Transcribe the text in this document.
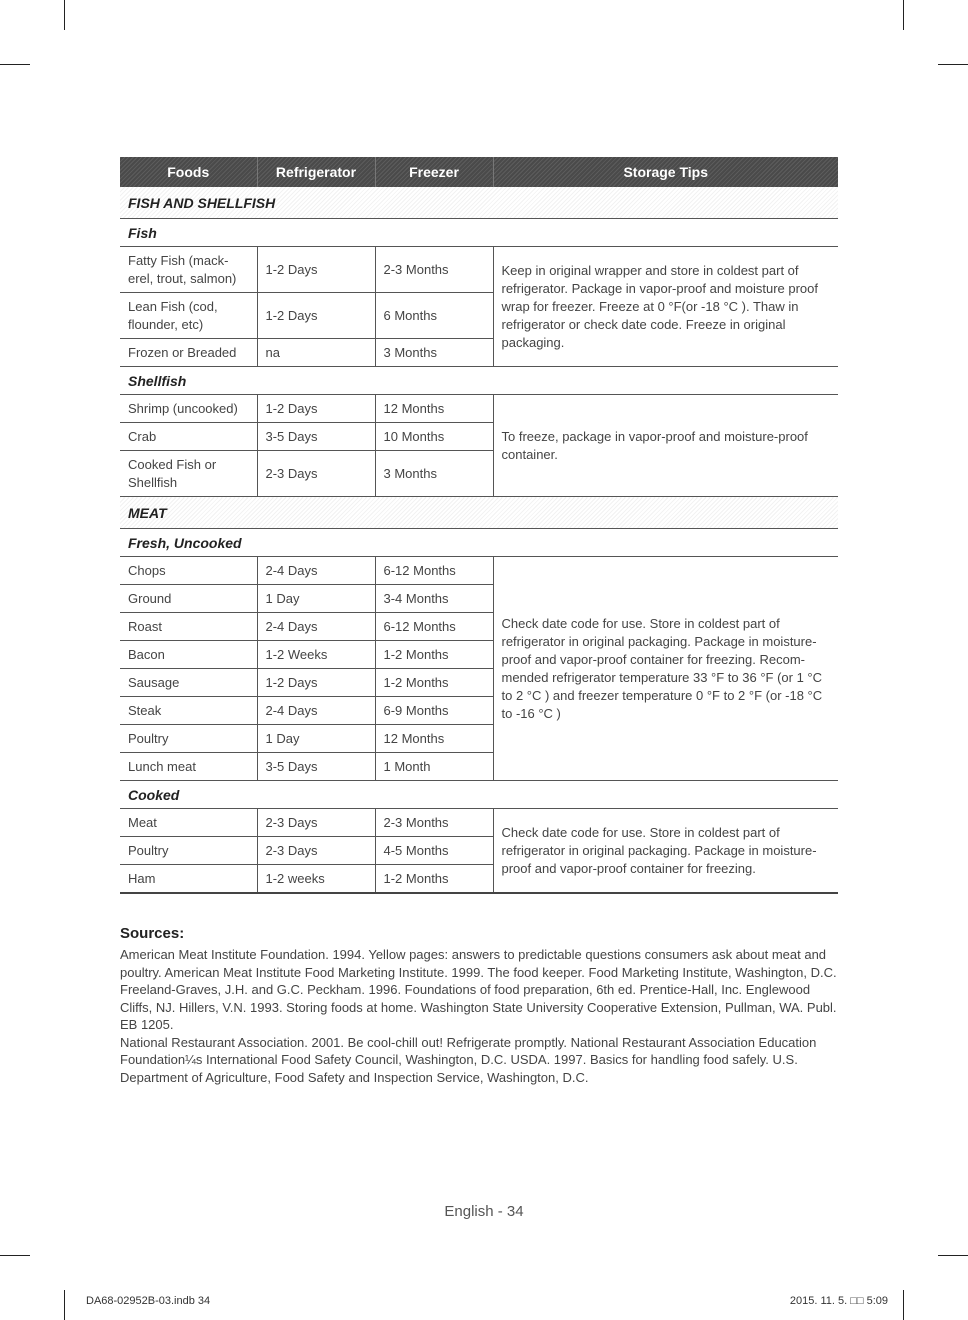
Foods	Refrigerator	Freezer	Storage Tips
FISH AND SHELLFISH			
Fish			
Fatty Fish (mack-erel, trout, salmon)	1-2 Days	2-3 Months	Keep in original wrapper and store in coldest part of refrigerator. Package in vapor-proof and moisture proof wrap for freezer. Freeze at 0 °F(or -18 °C ). Thaw in refrigerator or check date code. Freeze in original packaging.
Lean Fish (cod, flounder, etc)	1-2 Days	6 Months	
Frozen or Breaded	na	3 Months	
Shellfish			
Shrimp (uncooked)	1-2 Days	12 Months	To freeze, package in vapor-proof and moisture-proof container.
Crab	3-5 Days	10 Months	
Cooked Fish or Shellfish	2-3 Days	3 Months	
MEAT			
Fresh, Uncooked			
Chops	2-4 Days	6-12 Months	Check date code for use. Store in coldest part of refrigerator in original packaging. Package in moisture-proof and vapor-proof container for freezing. Recom-mended refrigerator temperature 33 °F to 36 °F (or 1 °C to 2 °C ) and freezer temperature 0 °F to 2 °F (or -18 °C to -16 °C )
Ground	1 Day	3-4 Months	
Roast	2-4 Days	6-12 Months	
Bacon	1-2 Weeks	1-2 Months	
Sausage	1-2 Days	1-2 Months	
Steak	2-4 Days	6-9 Months	
Poultry	1 Day	12 Months	
Lunch meat	3-5 Days	1 Month	
Cooked			
Meat	2-3 Days	2-3 Months	Check date code for use. Store in coldest part of refrigerator in original packaging. Package in moisture-proof and vapor-proof container for freezing.
Poultry	2-3 Days	4-5 Months	
Ham	1-2 weeks	1-2 Months	
Sources:

American Meat Institute Foundation. 1994. Yellow pages: answers to predictable questions consumers ask about meat and poultry. American Meat Institute Food Marketing Institute. 1999. The food keeper. Food Marketing Institute, Washington, D.C. Freeland-Graves, J.H. and G.C. Peckham. 1996. Foundations of food preparation, 6th ed. Prentice-Hall, Inc. Englewood Cliffs, NJ. Hillers, V.N. 1993. Storing foods at home. Washington State University Cooperative Extension, Pullman, WA. Publ. EB 1205.

National Restaurant Association. 2001. Be cool-chill out! Refrigerate promptly. National Restaurant Association Education Foundation¼s International Food Safety Council, Washington, D.C. USDA. 1997. Basics for handling food safely. U.S. Department of Agriculture, Food Safety and Inspection Service, Washington, D.C.

English - 34
DA68-02952B-03.indb 34	2015. 11. 5. □□ 5:09
